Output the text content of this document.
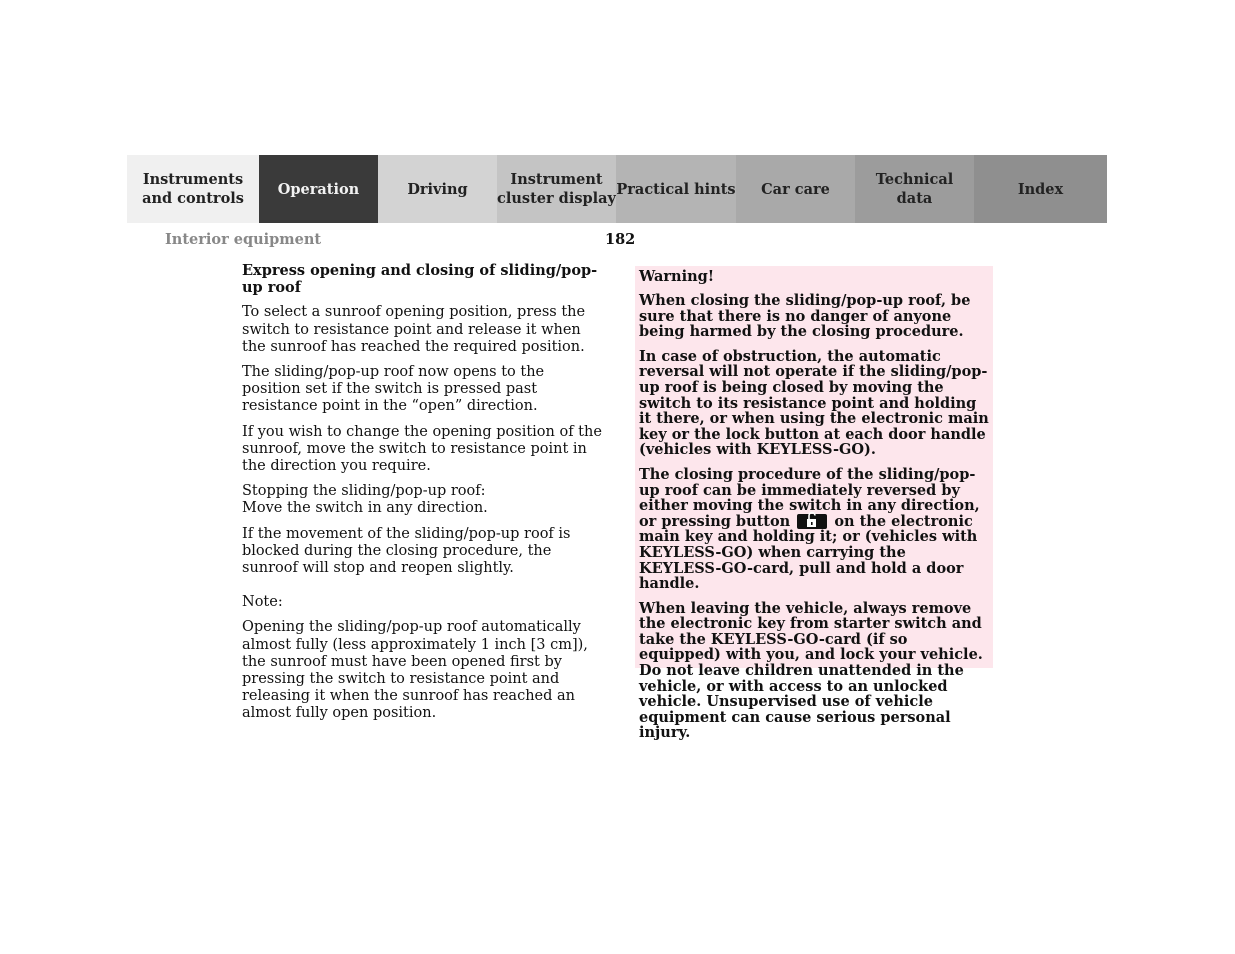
Instruments
and controls
Operation	Driving
Instrument
cluster display
Practical hints Car care
Technical
data
Index
Interior equipment	182
Express opening and closing of sliding/pop-up roof

To select a sunroof opening position, press the switch to resistance point and release it when the sunroof has reached the required position.

The sliding/pop-up roof now opens to the position set if the switch is pressed past resistance point in the “open” direction.

If you wish to change the opening position of the sunroof, move the switch to resistance point in the direction you require.

Stopping the sliding/pop-up roof:
Move the switch in any direction.

If the movement of the sliding/pop-up roof is blocked during the closing procedure, the sunroof will stop and reopen slightly.

Note:

Opening the sliding/pop-up roof automatically almost fully (less approximately 1 inch [3 cm]), the sunroof must have been opened first by pressing the switch to resistance point and releasing it when the sunroof has reached an almost fully open position.

Warning!

When closing the sliding/pop-up roof, be sure that there is no danger of anyone being harmed by the closing procedure.

In case of obstruction, the automatic reversal will not operate if the sliding/pop-up roof is being closed by moving the switch to its resistance point and holding it there, or when using the electronic main key or the lock button at each door handle (vehicles with KEYLESS-GO).

The closing procedure of the sliding/pop-up roof can be immediately reversed by either moving the switch in any direction, or pressing button	on the electronic main key and holding it; or (vehicles with KEYLESS-GO) when carrying the KEYLESS-GO-card, pull and hold a door handle.

When leaving the vehicle, always remove the electronic key from starter switch and take the KEYLESS-GO-card (if so equipped) with you, and lock your vehicle. Do not leave children unattended in the vehicle, or with access to an unlocked vehicle. Unsupervised use of vehicle equipment can cause serious personal injury.
